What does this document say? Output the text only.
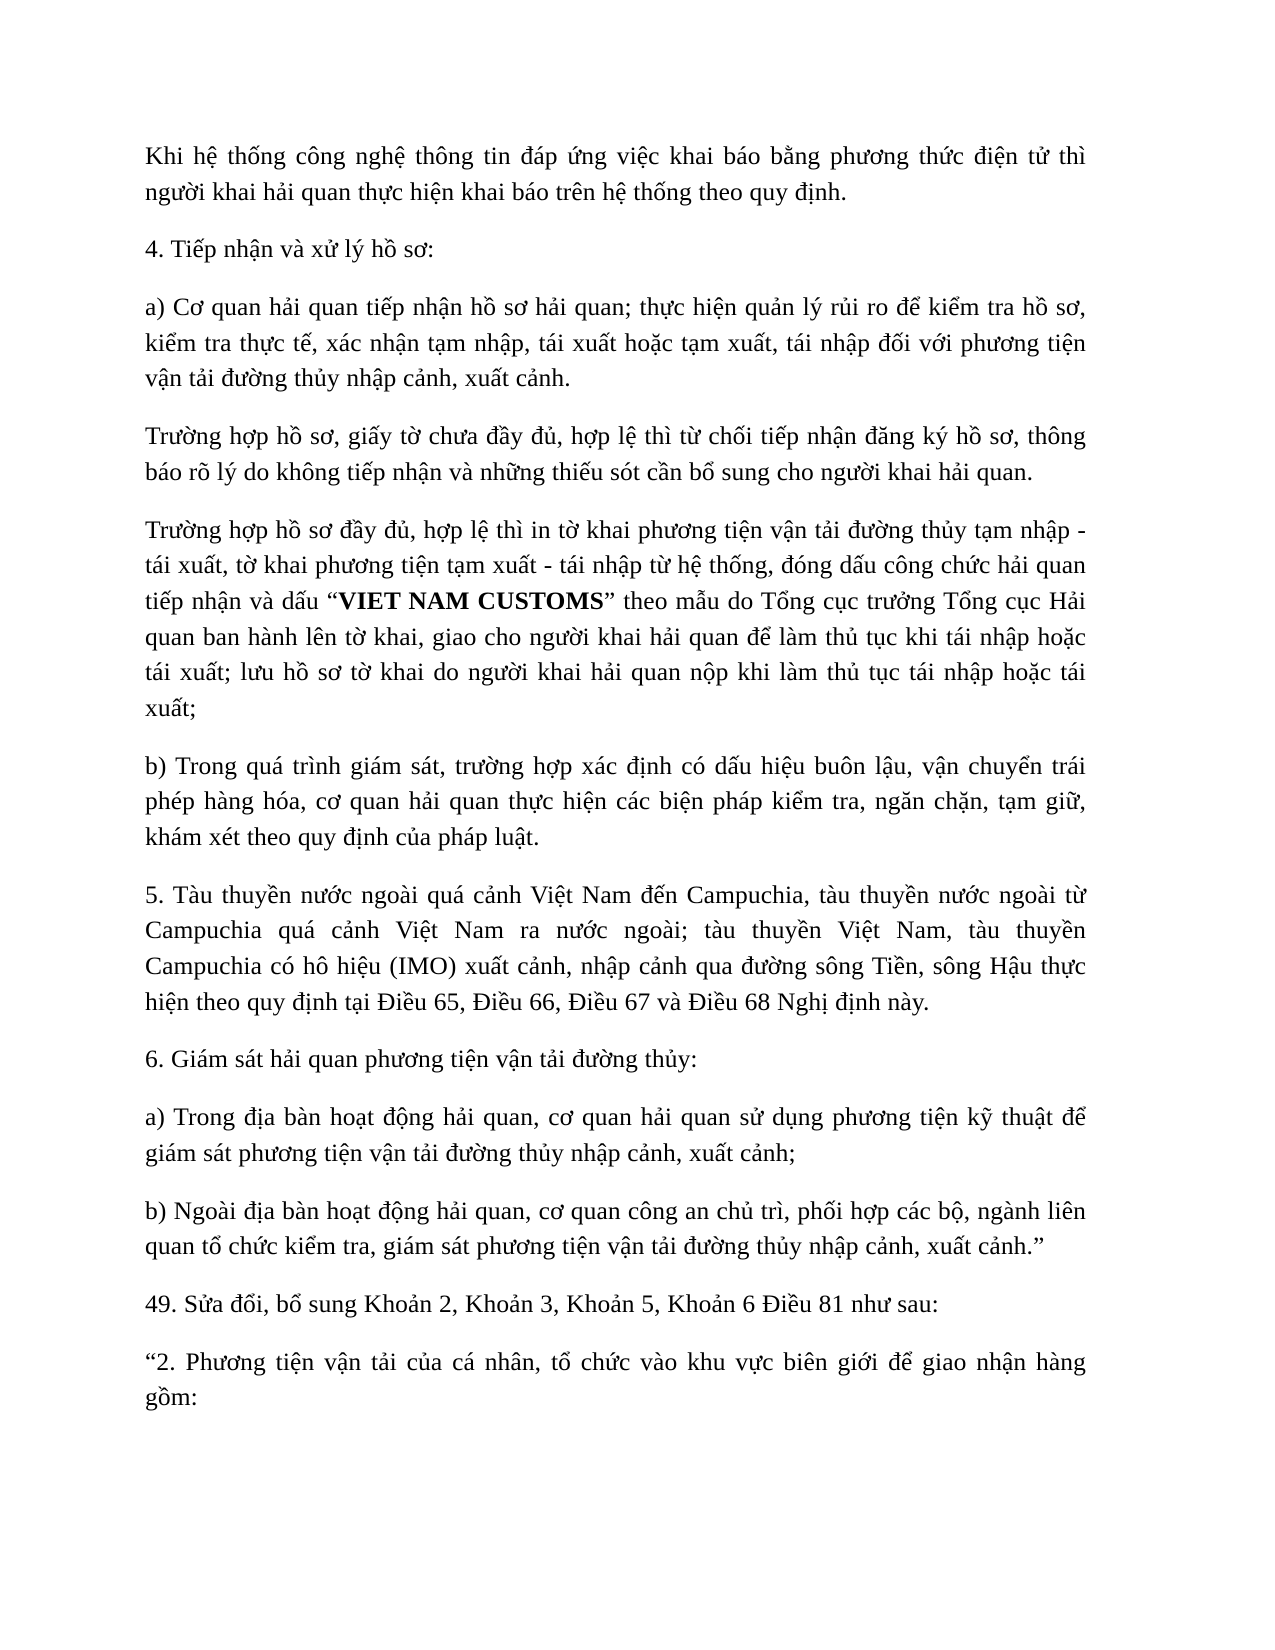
Khi hệ thống công nghệ thông tin đáp ứng việc khai báo bằng phương thức điện tử thì người khai hải quan thực hiện khai báo trên hệ thống theo quy định.

4. Tiếp nhận và xử lý hồ sơ:

a) Cơ quan hải quan tiếp nhận hồ sơ hải quan; thực hiện quản lý rủi ro để kiểm tra hồ sơ, kiểm tra thực tế, xác nhận tạm nhập, tái xuất hoặc tạm xuất, tái nhập đối với phương tiện vận tải đường thủy nhập cảnh, xuất cảnh.

Trường hợp hồ sơ, giấy tờ chưa đầy đủ, hợp lệ thì từ chối tiếp nhận đăng ký hồ sơ, thông báo rõ lý do không tiếp nhận và những thiếu sót cần bổ sung cho người khai hải quan.

Trường hợp hồ sơ đầy đủ, hợp lệ thì in tờ khai phương tiện vận tải đường thủy tạm nhập - tái xuất, tờ khai phương tiện tạm xuất - tái nhập từ hệ thống, đóng dấu công chức hải quan tiếp nhận và dấu “VIET NAM CUSTOMS” theo mẫu do Tổng cục trưởng Tổng cục Hải quan ban hành lên tờ khai, giao cho người khai hải quan để làm thủ tục khi tái nhập hoặc tái xuất; lưu hồ sơ tờ khai do người khai hải quan nộp khi làm thủ tục tái nhập hoặc tái xuất;

b) Trong quá trình giám sát, trường hợp xác định có dấu hiệu buôn lậu, vận chuyển trái phép hàng hóa, cơ quan hải quan thực hiện các biện pháp kiểm tra, ngăn chặn, tạm giữ, khám xét theo quy định của pháp luật.

5. Tàu thuyền nước ngoài quá cảnh Việt Nam đến Campuchia, tàu thuyền nước ngoài từ Campuchia quá cảnh Việt Nam ra nước ngoài; tàu thuyền Việt Nam, tàu thuyền Campuchia có hô hiệu (IMO) xuất cảnh, nhập cảnh qua đường sông Tiền, sông Hậu thực hiện theo quy định tại Điều 65, Điều 66, Điều 67 và Điều 68 Nghị định này.

6. Giám sát hải quan phương tiện vận tải đường thủy:

a) Trong địa bàn hoạt động hải quan, cơ quan hải quan sử dụng phương tiện kỹ thuật để giám sát phương tiện vận tải đường thủy nhập cảnh, xuất cảnh;

b) Ngoài địa bàn hoạt động hải quan, cơ quan công an chủ trì, phối hợp các bộ, ngành liên quan tổ chức kiểm tra, giám sát phương tiện vận tải đường thủy nhập cảnh, xuất cảnh.”

49. Sửa đổi, bổ sung Khoản 2, Khoản 3, Khoản 5, Khoản 6 Điều 81 như sau:

“2. Phương tiện vận tải của cá nhân, tổ chức vào khu vực biên giới để giao nhận hàng gồm:
